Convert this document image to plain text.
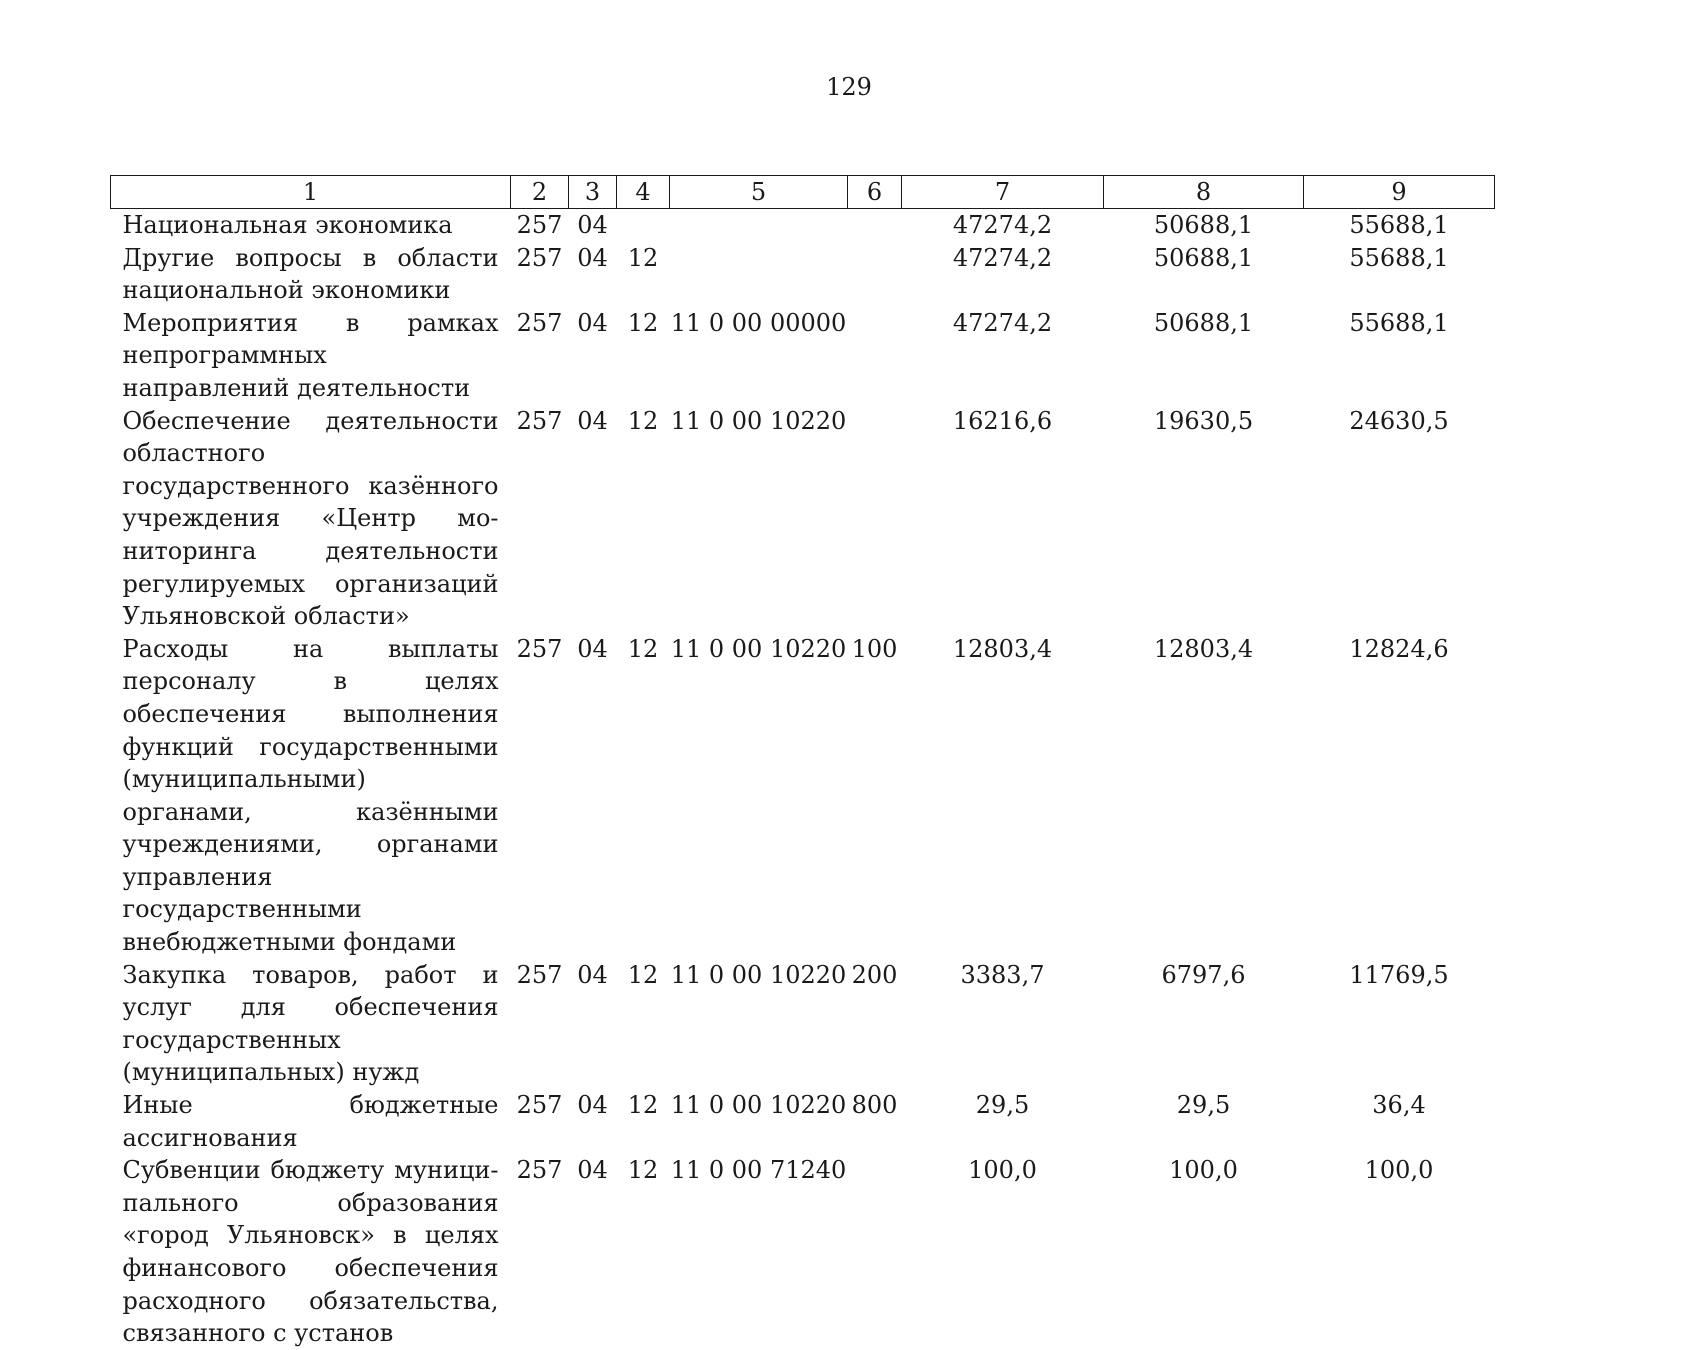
129
1	2	3	4	5	6	7	8	9
Национальная экономика	257	04				47274,2	50688,1	55688,1
Другие вопросы в области национальной экономики	257	04	12			47274,2	50688,1	55688,1
Мероприятия в рамках непрограммных направлений деятельности	257	04	12	11 0 00 00000		47274,2	50688,1	55688,1
Обеспечение деятельности областного государственного казённого учреждения «Центр мониторинга деятельности регулируемых организаций Ульяновской области»	257	04	12	11 0 00 10220		16216,6	19630,5	24630,5
Расходы на выплаты персоналу в целях обеспечения выполнения функций государственными (муниципальными) органами, казёнными учреждениями, органами управления государственными внебюджетными фондами	257	04	12	11 0 00 10220	100	12803,4	12803,4	12824,6
Закупка товаров, работ и услуг для обеспечения государственных (муниципальных) нужд	257	04	12	11 0 00 10220	200	3383,7	6797,6	11769,5
Иные бюджетные ассигнования	257	04	12	11 0 00 10220	800	29,5	29,5	36,4
Субвенции бюджету муниципального образования «город Ульяновск» в целях финансового обеспечения расходного обязательства, связанного с установ	257	04	12	11 0 00 71240		100,0	100,0	100,0
